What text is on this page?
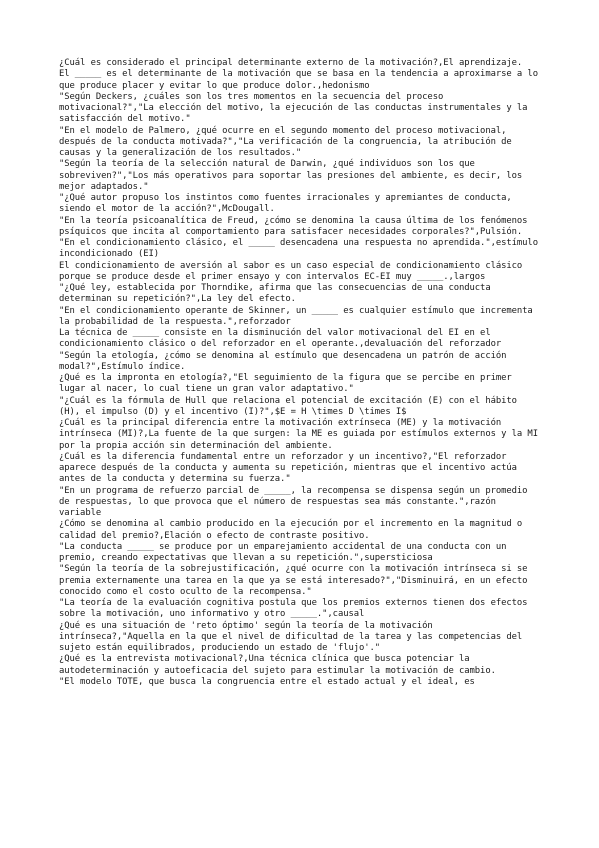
¿Cuál es considerado el principal determinante externo de la motivación?,El aprendizaje.

El _____ es el determinante de la motivación que se basa en la tendencia a aproximarse a lo que produce placer y evitar lo que produce dolor.,hedonismo

"Según Deckers, ¿cuáles son los tres momentos en la secuencia del proceso motivacional?","La elección del motivo, la ejecución de las conductas instrumentales y la satisfacción del motivo."

"En el modelo de Palmero, ¿qué ocurre en el segundo momento del proceso motivacional, después de la conducta motivada?","La verificación de la congruencia, la atribución de causas y la generalización de los resultados."

"Según la teoría de la selección natural de Darwin, ¿qué individuos son los que sobreviven?","Los más operativos para soportar las presiones del ambiente, es decir, los mejor adaptados."

"¿Qué autor propuso los instintos como fuentes irracionales y apremiantes de conducta, siendo el motor de la acción?",McDougall.

"En la teoría psicoanalítica de Freud, ¿cómo se denomina la causa última de los fenómenos psíquicos que incita al comportamiento para satisfacer necesidades corporales?",Pulsión.

"En el condicionamiento clásico, el _____ desencadena una respuesta no aprendida.",estímulo incondicionado (EI)

El condicionamiento de aversión al sabor es un caso especial de condicionamiento clásico porque se produce desde el primer ensayo y con intervalos EC-EI muy _____.,largos

"¿Qué ley, establecida por Thorndike, afirma que las consecuencias de una conducta determinan su repetición?",La ley del efecto.

"En el condicionamiento operante de Skinner, un _____ es cualquier estímulo que incrementa la probabilidad de la respuesta.",reforzador

La técnica de _____ consiste en la disminución del valor motivacional del EI en el condicionamiento clásico o del reforzador en el operante.,devaluación del reforzador

"Según la etología, ¿cómo se denomina al estímulo que desencadena un patrón de acción modal?",Estímulo índice.

¿Qué es la impronta en etología?,"El seguimiento de la figura que se percibe en primer lugar al nacer, lo cual tiene un gran valor adaptativo."

"¿Cuál es la fórmula de Hull que relaciona el potencial de excitación (E) con el hábito (H), el impulso (D) y el incentivo (I)?",$E = H \times D \times I$

¿Cuál es la principal diferencia entre la motivación extrínseca (ME) y la motivación intrínseca (MI)?,La fuente de la que surgen: la ME es guiada por estímulos externos y la MI por la propia acción sin determinación del ambiente.

¿Cuál es la diferencia fundamental entre un reforzador y un incentivo?,"El reforzador aparece después de la conducta y aumenta su repetición, mientras que el incentivo actúa antes de la conducta y determina su fuerza."

"En un programa de refuerzo parcial de _____, la recompensa se dispensa según un promedio de respuestas, lo que provoca que el número de respuestas sea más constante.",razón variable

¿Cómo se denomina al cambio producido en la ejecución por el incremento en la magnitud o calidad del premio?,Elación o efecto de contraste positivo.

"La conducta _____ se produce por un emparejamiento accidental de una conducta con un premio, creando expectativas que llevan a su repetición.",supersticiosa

"Según la teoría de la sobrejustificación, ¿qué ocurre con la motivación intrínseca si se premia externamente una tarea en la que ya se está interesado?","Disminuirá, en un efecto conocido como el costo oculto de la recompensa."

"La teoría de la evaluación cognitiva postula que los premios externos tienen dos efectos sobre la motivación, uno informativo y otro _____.",causal

¿Qué es una situación de 'reto óptimo' según la teoría de la motivación intrínseca?,"Aquella en la que el nivel de dificultad de la tarea y las competencias del sujeto están equilibrados, produciendo un estado de 'flujo'."

¿Qué es la entrevista motivacional?,Una técnica clínica que busca potenciar la autodeterminación y autoeficacia del sujeto para estimular la motivación de cambio.

"El modelo TOTE, que busca la congruencia entre el estado actual y el ideal, es
